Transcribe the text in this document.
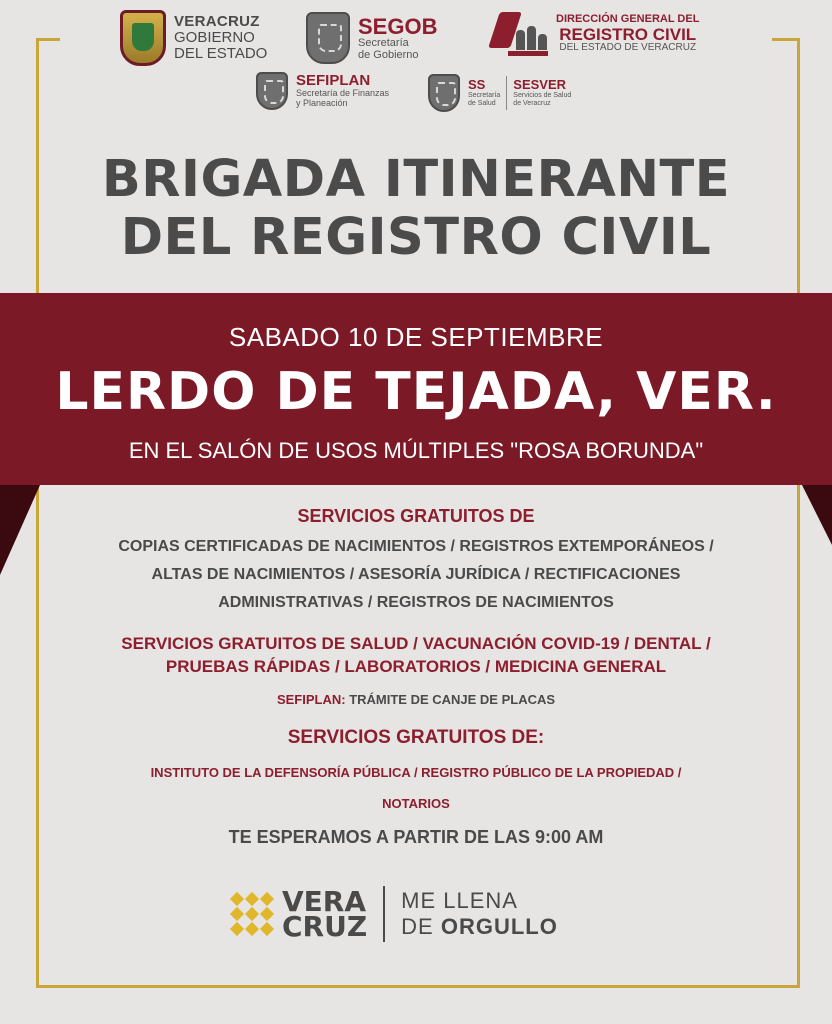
VERACRUZ
GOBIERNO
DEL ESTADO
SEGOB
Secretaría
de Gobierno
DIRECCIÓN GENERAL DEL
REGISTRO CIVIL
DEL ESTADO DE VERACRUZ
SEFIPLAN
Secretaría de Finanzas
y Planeación
SS
Secretaría
de Salud
SESVER
Servicios de Salud
de Veracruz
BRIGADA ITINERANTE
DEL REGISTRO CIVIL
SABADO 10 DE SEPTIEMBRE
LERDO DE TEJADA, VER.
EN EL SALÓN DE USOS MÚLTIPLES "ROSA BORUNDA"
SERVICIOS GRATUITOS DE
COPIAS CERTIFICADAS DE NACIMIENTOS / REGISTROS EXTEMPORÁNEOS /
ALTAS DE NACIMIENTOS / ASESORÍA JURÍDICA / RECTIFICACIONES
ADMINISTRATIVAS / REGISTROS DE NACIMIENTOS
SERVICIOS GRATUITOS DE SALUD / VACUNACIÓN COVID-19 / DENTAL /
PRUEBAS RÁPIDAS / LABORATORIOS / MEDICINA GENERAL
SEFIPLAN: TRÁMITE DE CANJE DE PLACAS
SERVICIOS GRATUITOS DE:
INSTITUTO DE LA DEFENSORÍA PÚBLICA / REGISTRO PÚBLICO DE LA PROPIEDAD /
NOTARIOS
TE ESPERAMOS A PARTIR DE LAS 9:00 AM
VERA
CRUZ
ME LLENA
DE ORGULLO
